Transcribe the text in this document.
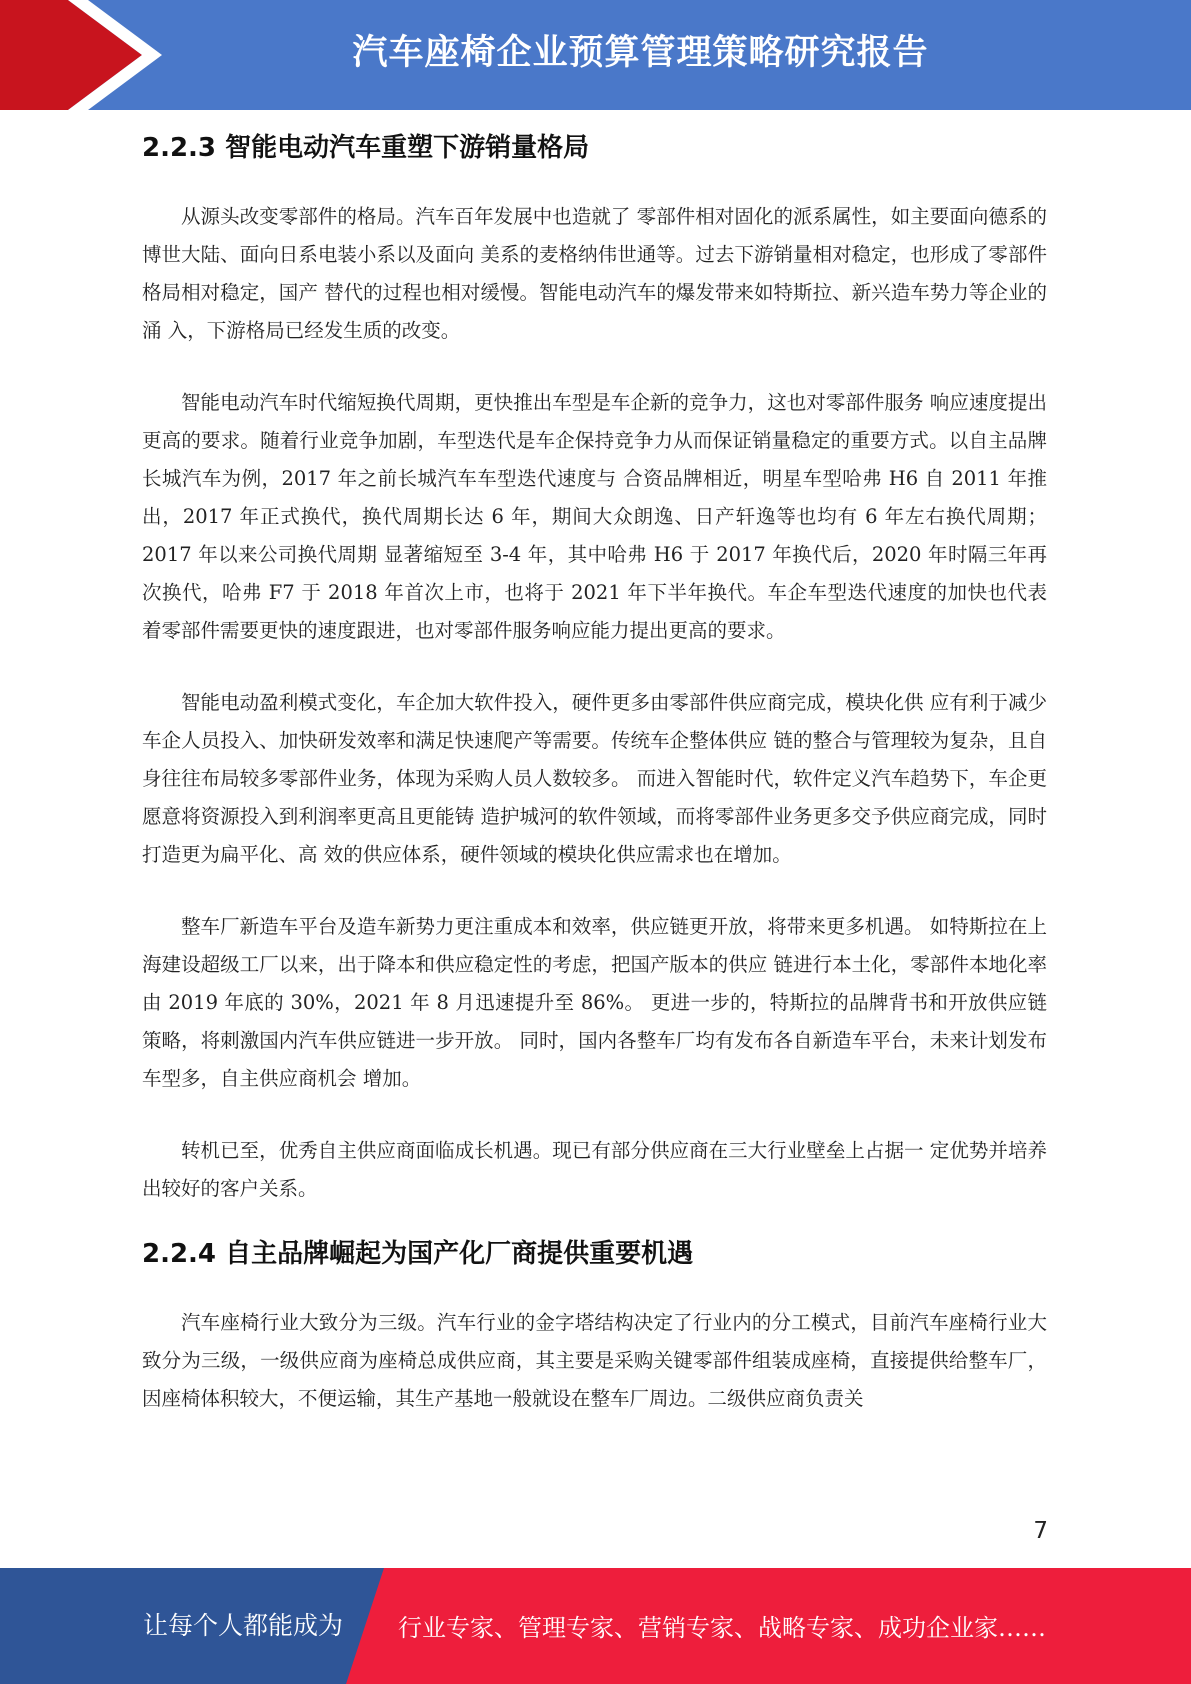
汽车座椅企业预算管理策略研究报告
2.2.3 智能电动汽车重塑下游销量格局

从源头改变零部件的格局。汽车百年发展中也造就了 零部件相对固化的派系属性，如主要面向德系的博世大陆、面向日系电装小系以及面向 美系的麦格纳伟世通等。过去下游销量相对稳定，也形成了零部件格局相对稳定，国产 替代的过程也相对缓慢。智能电动汽车的爆发带来如特斯拉、新兴造车势力等企业的涌 入，下游格局已经发生质的改变。

智能电动汽车时代缩短换代周期，更快推出车型是车企新的竞争力，这也对零部件服务 响应速度提出更高的要求。随着行业竞争加剧，车型迭代是车企保持竞争力从而保证销量稳定的重要方式。以自主品牌长城汽车为例，2017 年之前长城汽车车型迭代速度与 合资品牌相近，明星车型哈弗 H6 自 2011 年推出，2017 年正式换代，换代周期长达 6 年，期间大众朗逸、日产轩逸等也均有 6 年左右换代周期；2017 年以来公司换代周期 显著缩短至 3-4 年，其中哈弗 H6 于 2017 年换代后，2020 年时隔三年再次换代，哈弗 F7 于 2018 年首次上市，也将于 2021 年下半年换代。车企车型迭代速度的加快也代表 着零部件需要更快的速度跟进，也对零部件服务响应能力提出更高的要求。

智能电动盈利模式变化，车企加大软件投入，硬件更多由零部件供应商完成，模块化供 应有利于减少车企人员投入、加快研发效率和满足快速爬产等需要。传统车企整体供应 链的整合与管理较为复杂，且自身往往布局较多零部件业务，体现为采购人员人数较多。 而进入智能时代，软件定义汽车趋势下，车企更愿意将资源投入到利润率更高且更能铸 造护城河的软件领域，而将零部件业务更多交予供应商完成，同时打造更为扁平化、高 效的供应体系，硬件领域的模块化供应需求也在增加。

整车厂新造车平台及造车新势力更注重成本和效率，供应链更开放，将带来更多机遇。 如特斯拉在上海建设超级工厂以来，出于降本和供应稳定性的考虑，把国产版本的供应 链进行本土化，零部件本地化率由 2019 年底的 30%，2021 年 8 月迅速提升至 86%。 更进一步的，特斯拉的品牌背书和开放供应链策略，将刺激国内汽车供应链进一步开放。 同时，国内各整车厂均有发布各自新造车平台，未来计划发布车型多，自主供应商机会 增加。

转机已至，优秀自主供应商面临成长机遇。现已有部分供应商在三大行业壁垒上占据一 定优势并培养出较好的客户关系。

2.2.4 自主品牌崛起为国产化厂商提供重要机遇

汽车座椅行业大致分为三级。汽车行业的金字塔结构决定了行业内的分工模式，目前汽车座椅行业大致分为三级，一级供应商为座椅总成供应商，其主要是采购关键零部件组装成座椅，直接提供给整车厂，因座椅体积较大，不便运输，其生产基地一般就设在整车厂周边。二级供应商负责关

7
让每个人都能成为 行业专家、管理专家、营销专家、战略专家、成功企业家……
